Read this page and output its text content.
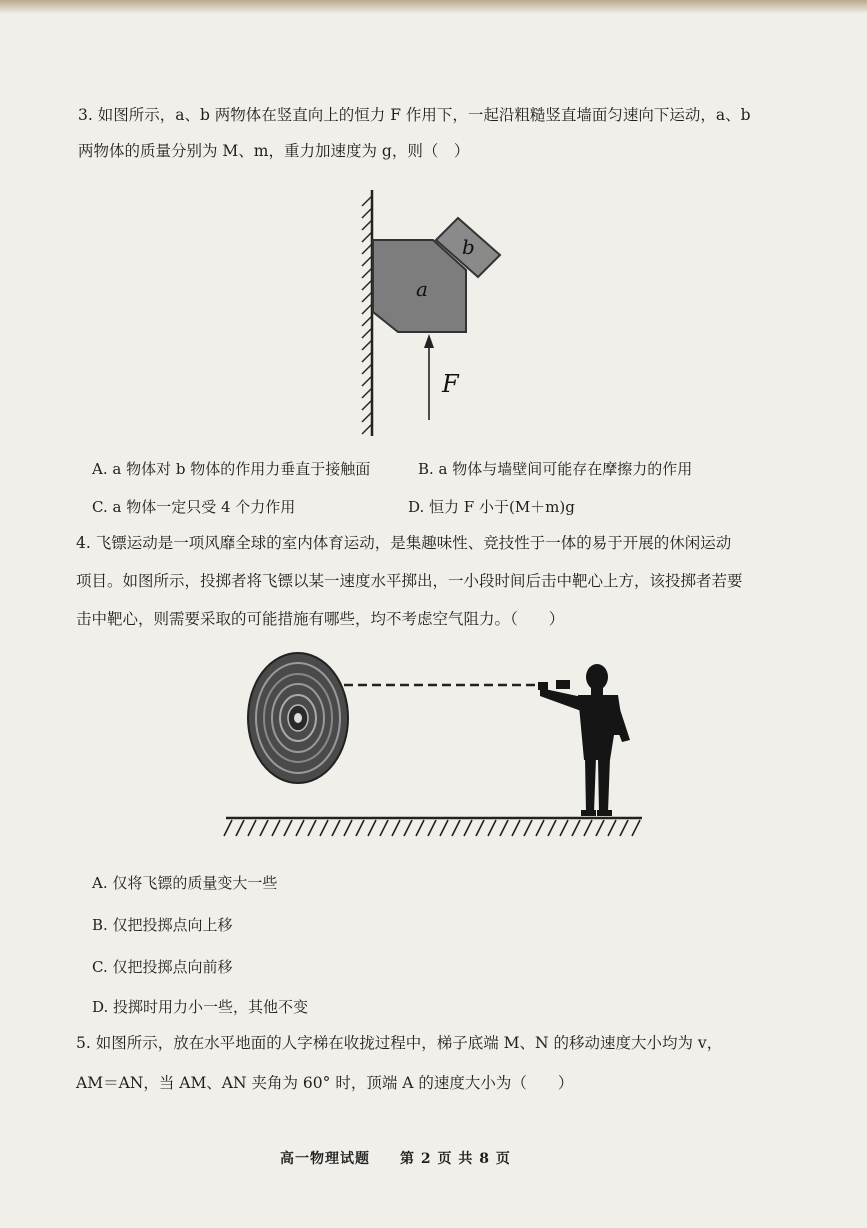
3. 如图所示，a、b 两物体在竖直向上的恒力 F 作用下，一起沿粗糙竖直墙面匀速向下运动，a、b
两物体的质量分别为 M、m，重力加速度为 g，则（　）
a
b
F
A. a 物体对 b 物体的作用力垂直于接触面	B. a 物体与墙壁间可能存在摩擦力的作用
C. a 物体一定只受 4 个力作用	D. 恒力 F 小于(M＋m)g
4. 飞镖运动是一项风靡全球的室内体育运动，是集趣味性、竞技性于一体的易于开展的休闲运动
项目。如图所示，投掷者将飞镖以某一速度水平掷出，一小段时间后击中靶心上方，该投掷者若要
击中靶心，则需要采取的可能措施有哪些，均不考虑空气阻力。（　　）
A. 仅将飞镖的质量变大一些
B. 仅把投掷点向上移
C. 仅把投掷点向前移
D. 投掷时用力小一些，其他不变
5. 如图所示，放在水平地面的人字梯在收拢过程中，梯子底端 M、N 的移动速度大小均为 v，
AM＝AN，当 AM、AN 夹角为 60° 时，顶端 A 的速度大小为（　　）
高一物理试题 第 2 页 共 8 页
